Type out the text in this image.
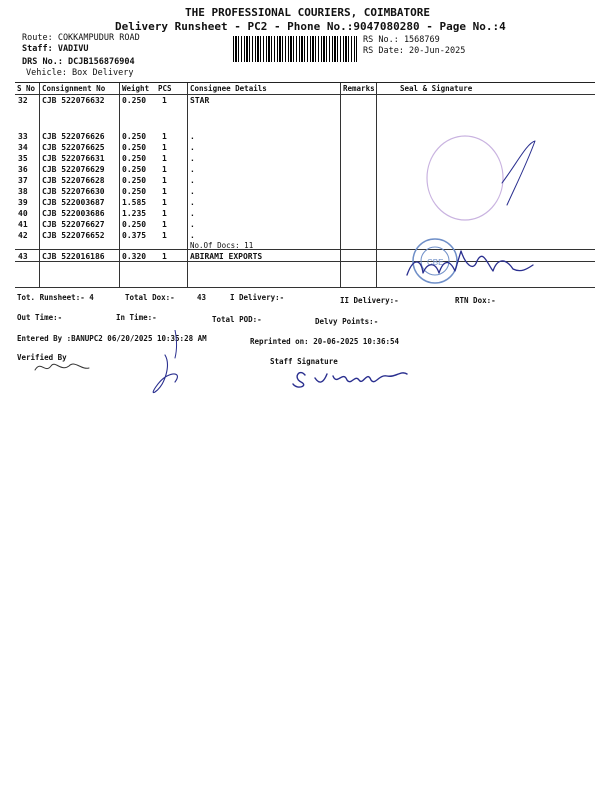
THE PROFESSIONAL COURIERS, COIMBATORE
Delivery Runsheet - PC2 - Phone No.:9047080280 - Page No.:4
Route: COKKAMPUDUR ROAD
Staff: VADIVU
DRS No.: DCJB156876904
Vehicle: Box Delivery
RS No.: 1568769
RS Date: 20-Jun-2025
S No Consignment No Weight PCS Consignee Details	Remarks	Seal & Signature
32 CJB 522076632 0.250 1	STAR
33 CJB 522076626 0.250 1	.
34 CJB 522076625 0.250 1	.
35 CJB 522076631 0.250 1	.
36 CJB 522076629 0.250 1	.
37 CJB 522076628 0.250 1	.
38 CJB 522076630 0.250 1	.
39 CJB 522003687 1.585 1	.
40 CJB 522003686 1.235 1	.
41 CJB 522076627 0.250 1	.
42 CJB 522076652 0.375 1	.
No.Of Docs: 11
43 CJB 522016186 0.320 1	ABIRAMI EXPORTS
CBE
Tot. Runsheet:- 4	Total Dox:-	43	I Delivery:-	II Delivery:-	RTN Dox:-
Out Time:-	In Time:-	Total POD:-	Delvy Points:-
Entered By :BANUPC2 06/20/2025 10:35:28 AM	Reprinted on: 20-06-2025 10:36:54
Verified By	Staff Signature
